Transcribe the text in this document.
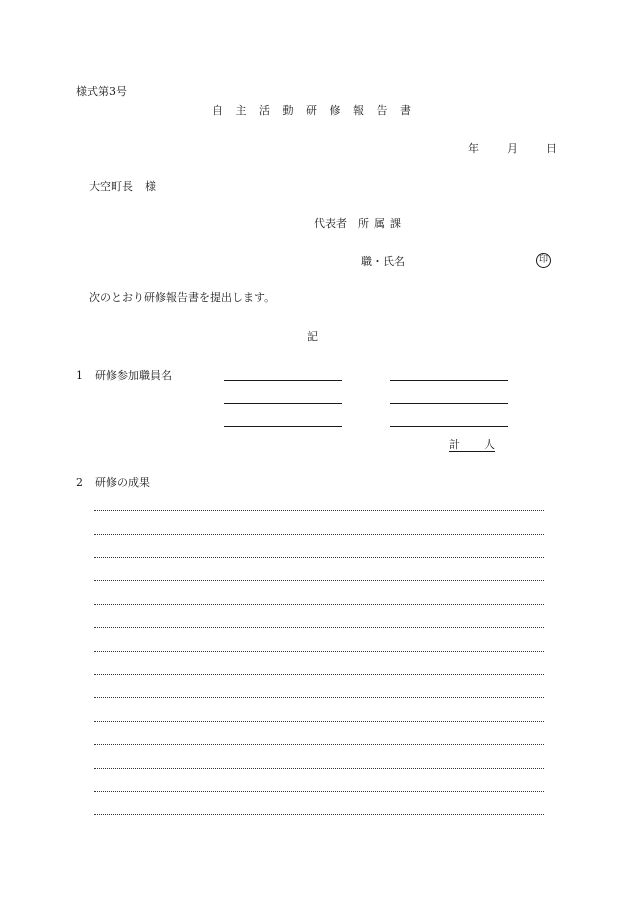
様式第3号
自主活動研修報告書
年	月	日
大空町長 様
代表者 所属課
職・氏名	印
次のとおり研修報告書を提出します。
記
1 研修参加職員名
計 人
2 研修の成果
